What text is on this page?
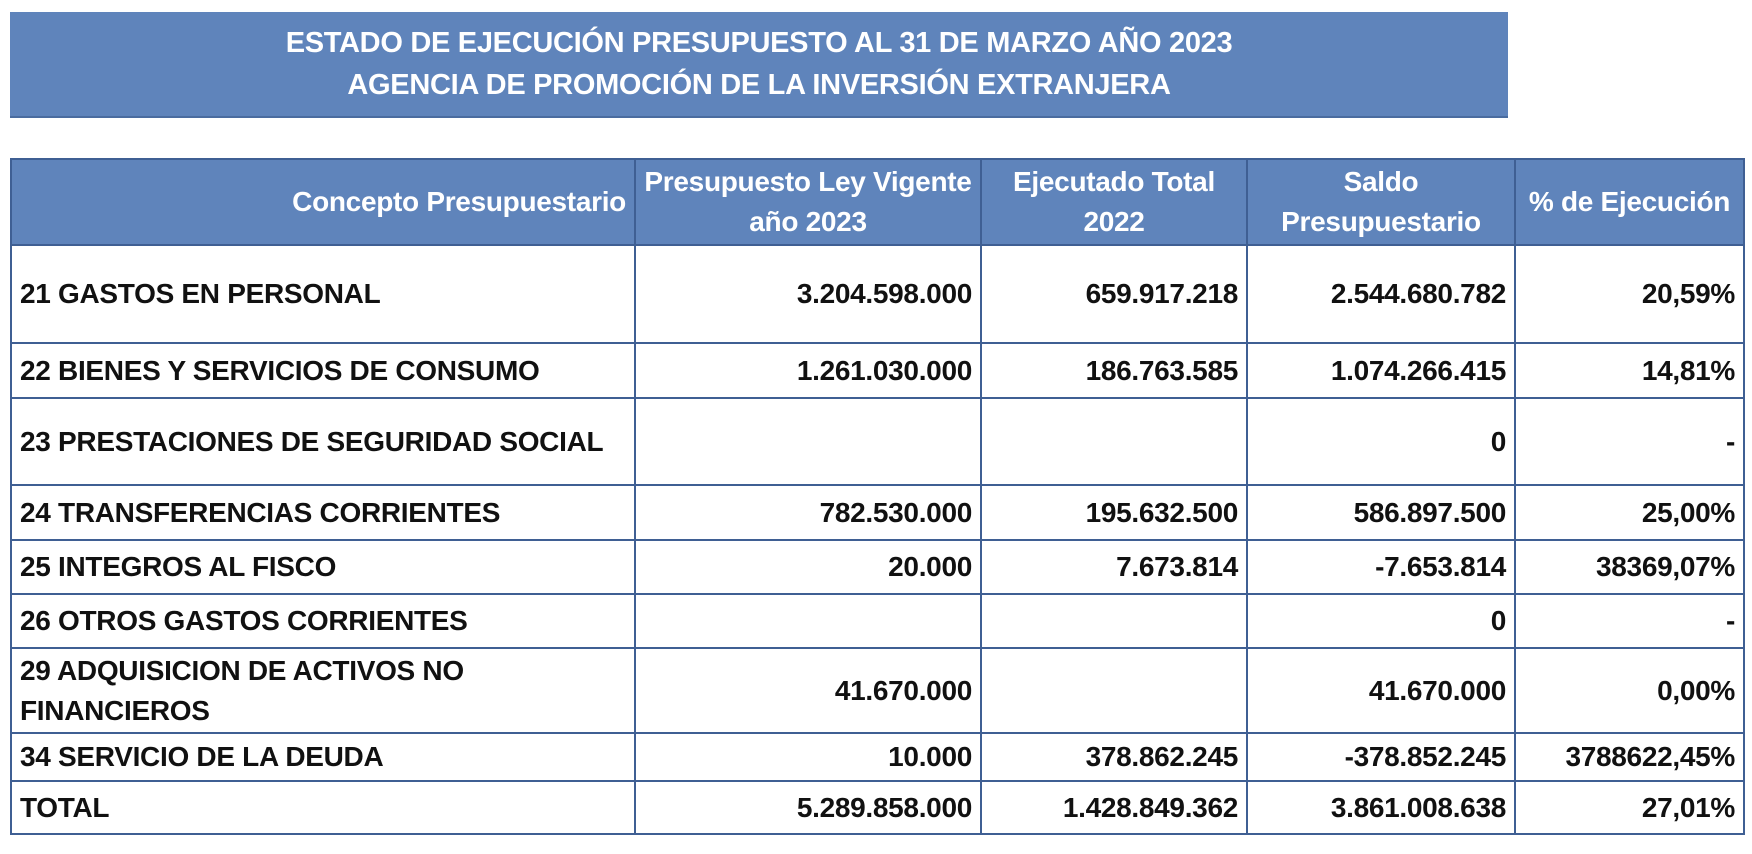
ESTADO DE EJECUCIÓN PRESUPUESTO AL 31 DE MARZO AÑO 2023
AGENCIA DE PROMOCIÓN DE LA INVERSIÓN EXTRANJERA
Concepto Presupuestario	Presupuesto Ley Vigente año 2023	Ejecutado Total 2022	Saldo Presupuestario	% de Ejecución
21 GASTOS EN PERSONAL	3.204.598.000	659.917.218	2.544.680.782	20,59%
22 BIENES Y SERVICIOS DE CONSUMO	1.261.030.000	186.763.585	1.074.266.415	14,81%
23 PRESTACIONES DE SEGURIDAD SOCIAL			0	-
24 TRANSFERENCIAS CORRIENTES	782.530.000	195.632.500	586.897.500	25,00%
25 INTEGROS AL FISCO	20.000	7.673.814	-7.653.814	38369,07%
26 OTROS GASTOS CORRIENTES			0	-
29 ADQUISICION DE ACTIVOS NO FINANCIEROS	41.670.000		41.670.000	0,00%
34 SERVICIO DE LA DEUDA	10.000	378.862.245	-378.852.245	3788622,45%
TOTAL	5.289.858.000	1.428.849.362	3.861.008.638	27,01%
